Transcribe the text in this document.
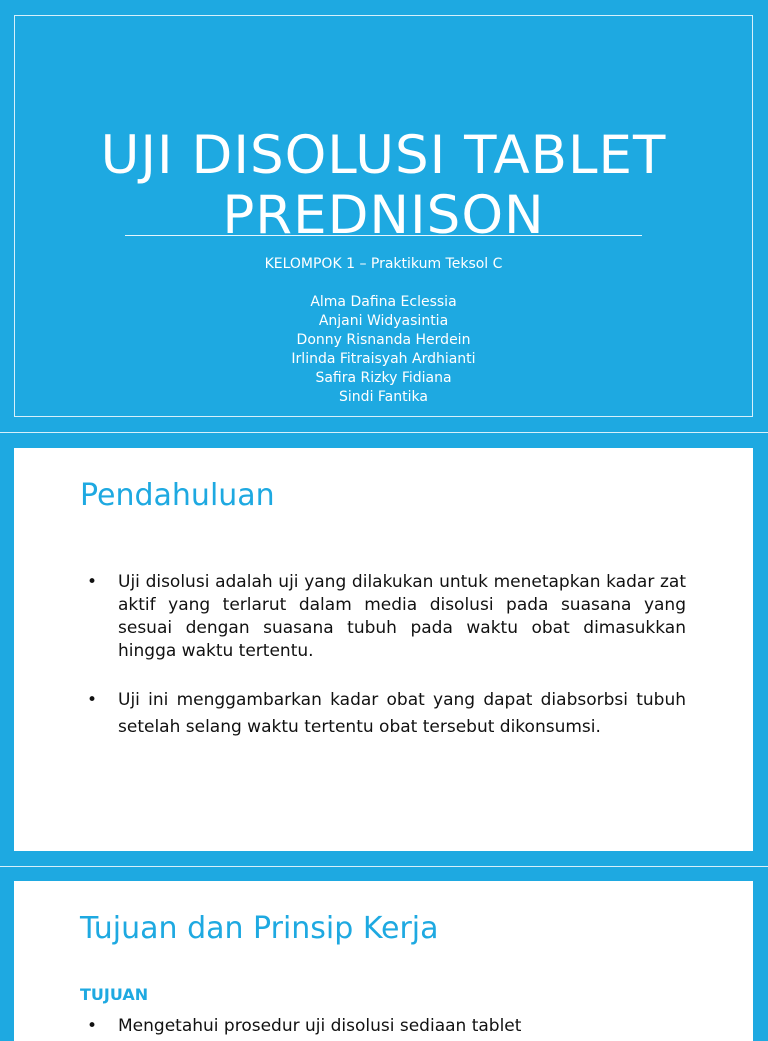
UJI DISOLUSI TABLET
PREDNISON
KELOMPOK 1 – Praktikum Teksol C
Alma Dafina Eclessia
Anjani Widyasintia
Donny Risnanda Herdein
Irlinda Fitraisyah Ardhianti
Safira Rizky Fidiana
Sindi Fantika
Pendahuluan
• Uji disolusi adalah uji yang dilakukan untuk menetapkan kadar zat aktif yang terlarut dalam media disolusi pada suasana yang sesuai dengan suasana tubuh pada waktu obat dimasukkan hingga waktu tertentu.
• Uji ini menggambarkan kadar obat yang dapat diabsorbsi tubuh setelah selang waktu tertentu obat tersebut dikonsumsi.
Tujuan dan Prinsip Kerja
TUJUAN
• Mengetahui prosedur uji disolusi sediaan tablet
